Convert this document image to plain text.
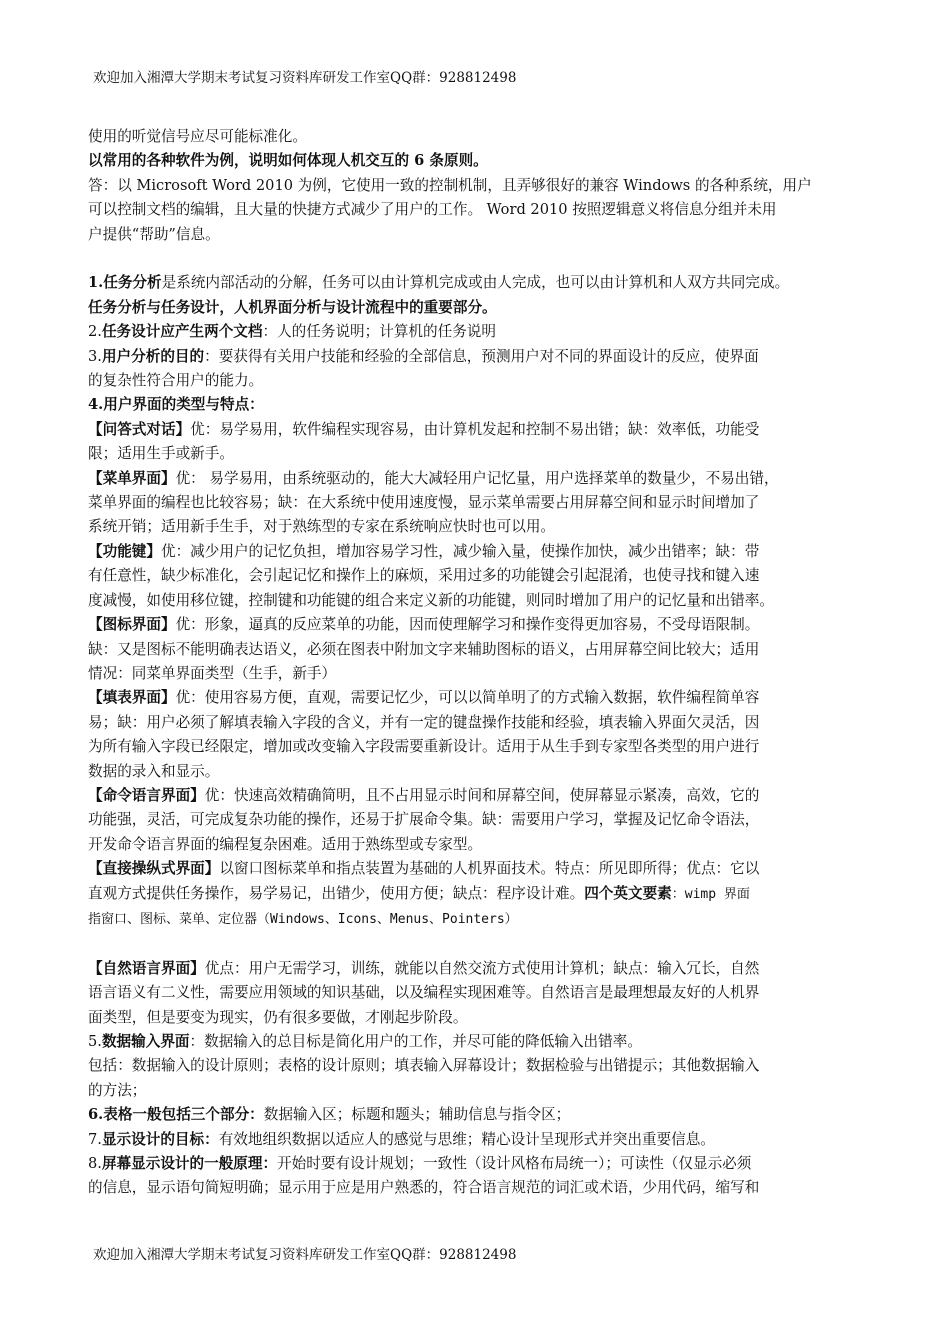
欢迎加入湘潭大学期末考试复习资料库研发工作室QQ群：928812498

使用的听觉信号应尽可能标准化。

以常用的各种软件为例，说明如何体现人机交互的 6 条原则。

答：以 Microsoft Word 2010 为例，它使用一致的控制机制，且弄够很好的兼容 Windows 的各种系统，用户

可以控制文档的编辑，且大量的快捷方式减少了用户的工作。 Word 2010 按照逻辑意义将信息分组并未用

户提供“帮助”信息。

1.任务分析是系统内部活动的分解，任务可以由计算机完成或由人完成，也可以由计算机和人双方共同完成。

任务分析与任务设计，人机界面分析与设计流程中的重要部分。

2.任务设计应产生两个文档：人的任务说明；计算机的任务说明

3.用户分析的目的：要获得有关用户技能和经验的全部信息，预测用户对不同的界面设计的反应，使界面

的复杂性符合用户的能力。

4.用户界面的类型与特点：

【问答式对话】优：易学易用，软件编程实现容易，由计算机发起和控制不易出错；缺：效率低，功能受

限；适用生手或新手。

【菜单界面】优： 易学易用，由系统驱动的，能大大减轻用户记忆量，用户选择菜单的数量少，不易出错，

菜单界面的编程也比较容易；缺：在大系统中使用速度慢，显示菜单需要占用屏幕空间和显示时间增加了

系统开销；适用新手生手，对于熟练型的专家在系统响应快时也可以用。

【功能键】优：减少用户的记忆负担，增加容易学习性，减少输入量，使操作加快，减少出错率；缺：带

有任意性，缺少标准化，会引起记忆和操作上的麻烦，采用过多的功能键会引起混淆，也使寻找和键入速

度减慢，如使用移位键，控制键和功能键的组合来定义新的功能键，则同时增加了用户的记忆量和出错率。

【图标界面】优：形象，逼真的反应菜单的功能，因而使理解学习和操作变得更加容易，不受母语限制。

缺：又是图标不能明确表达语义，必须在图表中附加文字来辅助图标的语义，占用屏幕空间比较大；适用

情况：同菜单界面类型（生手，新手）

【填表界面】优：使用容易方便，直观，需要记忆少，可以以简单明了的方式输入数据，软件编程简单容

易；缺：用户必须了解填表输入字段的含义，并有一定的键盘操作技能和经验，填表输入界面欠灵活，因

为所有输入字段已经限定，增加或改变输入字段需要重新设计。适用于从生手到专家型各类型的用户进行

数据的录入和显示。

【命令语言界面】优：快速高效精确简明，且不占用显示时间和屏幕空间，使屏幕显示紧凑，高效，它的

功能强，灵活，可完成复杂功能的操作，还易于扩展命令集。缺：需要用户学习，掌握及记忆命令语法，

开发命令语言界面的编程复杂困难。适用于熟练型或专家型。

【直接操纵式界面】以窗口图标菜单和指点装置为基础的人机界面技术。特点：所见即所得；优点：它以

直观方式提供任务操作，易学易记，出错少，使用方便；缺点：程序设计难。四个英文要素：wimp 界面

指窗口、图标、菜单、定位器（Windows、Icons、Menus、Pointers）

【自然语言界面】优点：用户无需学习，训练，就能以自然交流方式使用计算机；缺点：输入冗长，自然

语言语义有二义性，需要应用领域的知识基础，以及编程实现困难等。自然语言是最理想最友好的人机界

面类型，但是要变为现实，仍有很多要做，才刚起步阶段。

5.数据输入界面：数据输入的总目标是简化用户的工作，并尽可能的降低输入出错率。

包括：数据输入的设计原则；表格的设计原则；填表输入屏幕设计；数据检验与出错提示；其他数据输入

的方法；

6.表格一般包括三个部分：数据输入区；标题和题头；辅助信息与指令区；

7.显示设计的目标：有效地组织数据以适应人的感觉与思维；精心设计呈现形式并突出重要信息。

8.屏幕显示设计的一般原理：开始时要有设计规划；一致性（设计风格布局统一）；可读性（仅显示必须

的信息，显示语句简短明确；显示用于应是用户熟悉的，符合语言规范的词汇或术语，少用代码，缩写和

欢迎加入湘潭大学期末考试复习资料库研发工作室QQ群：928812498
